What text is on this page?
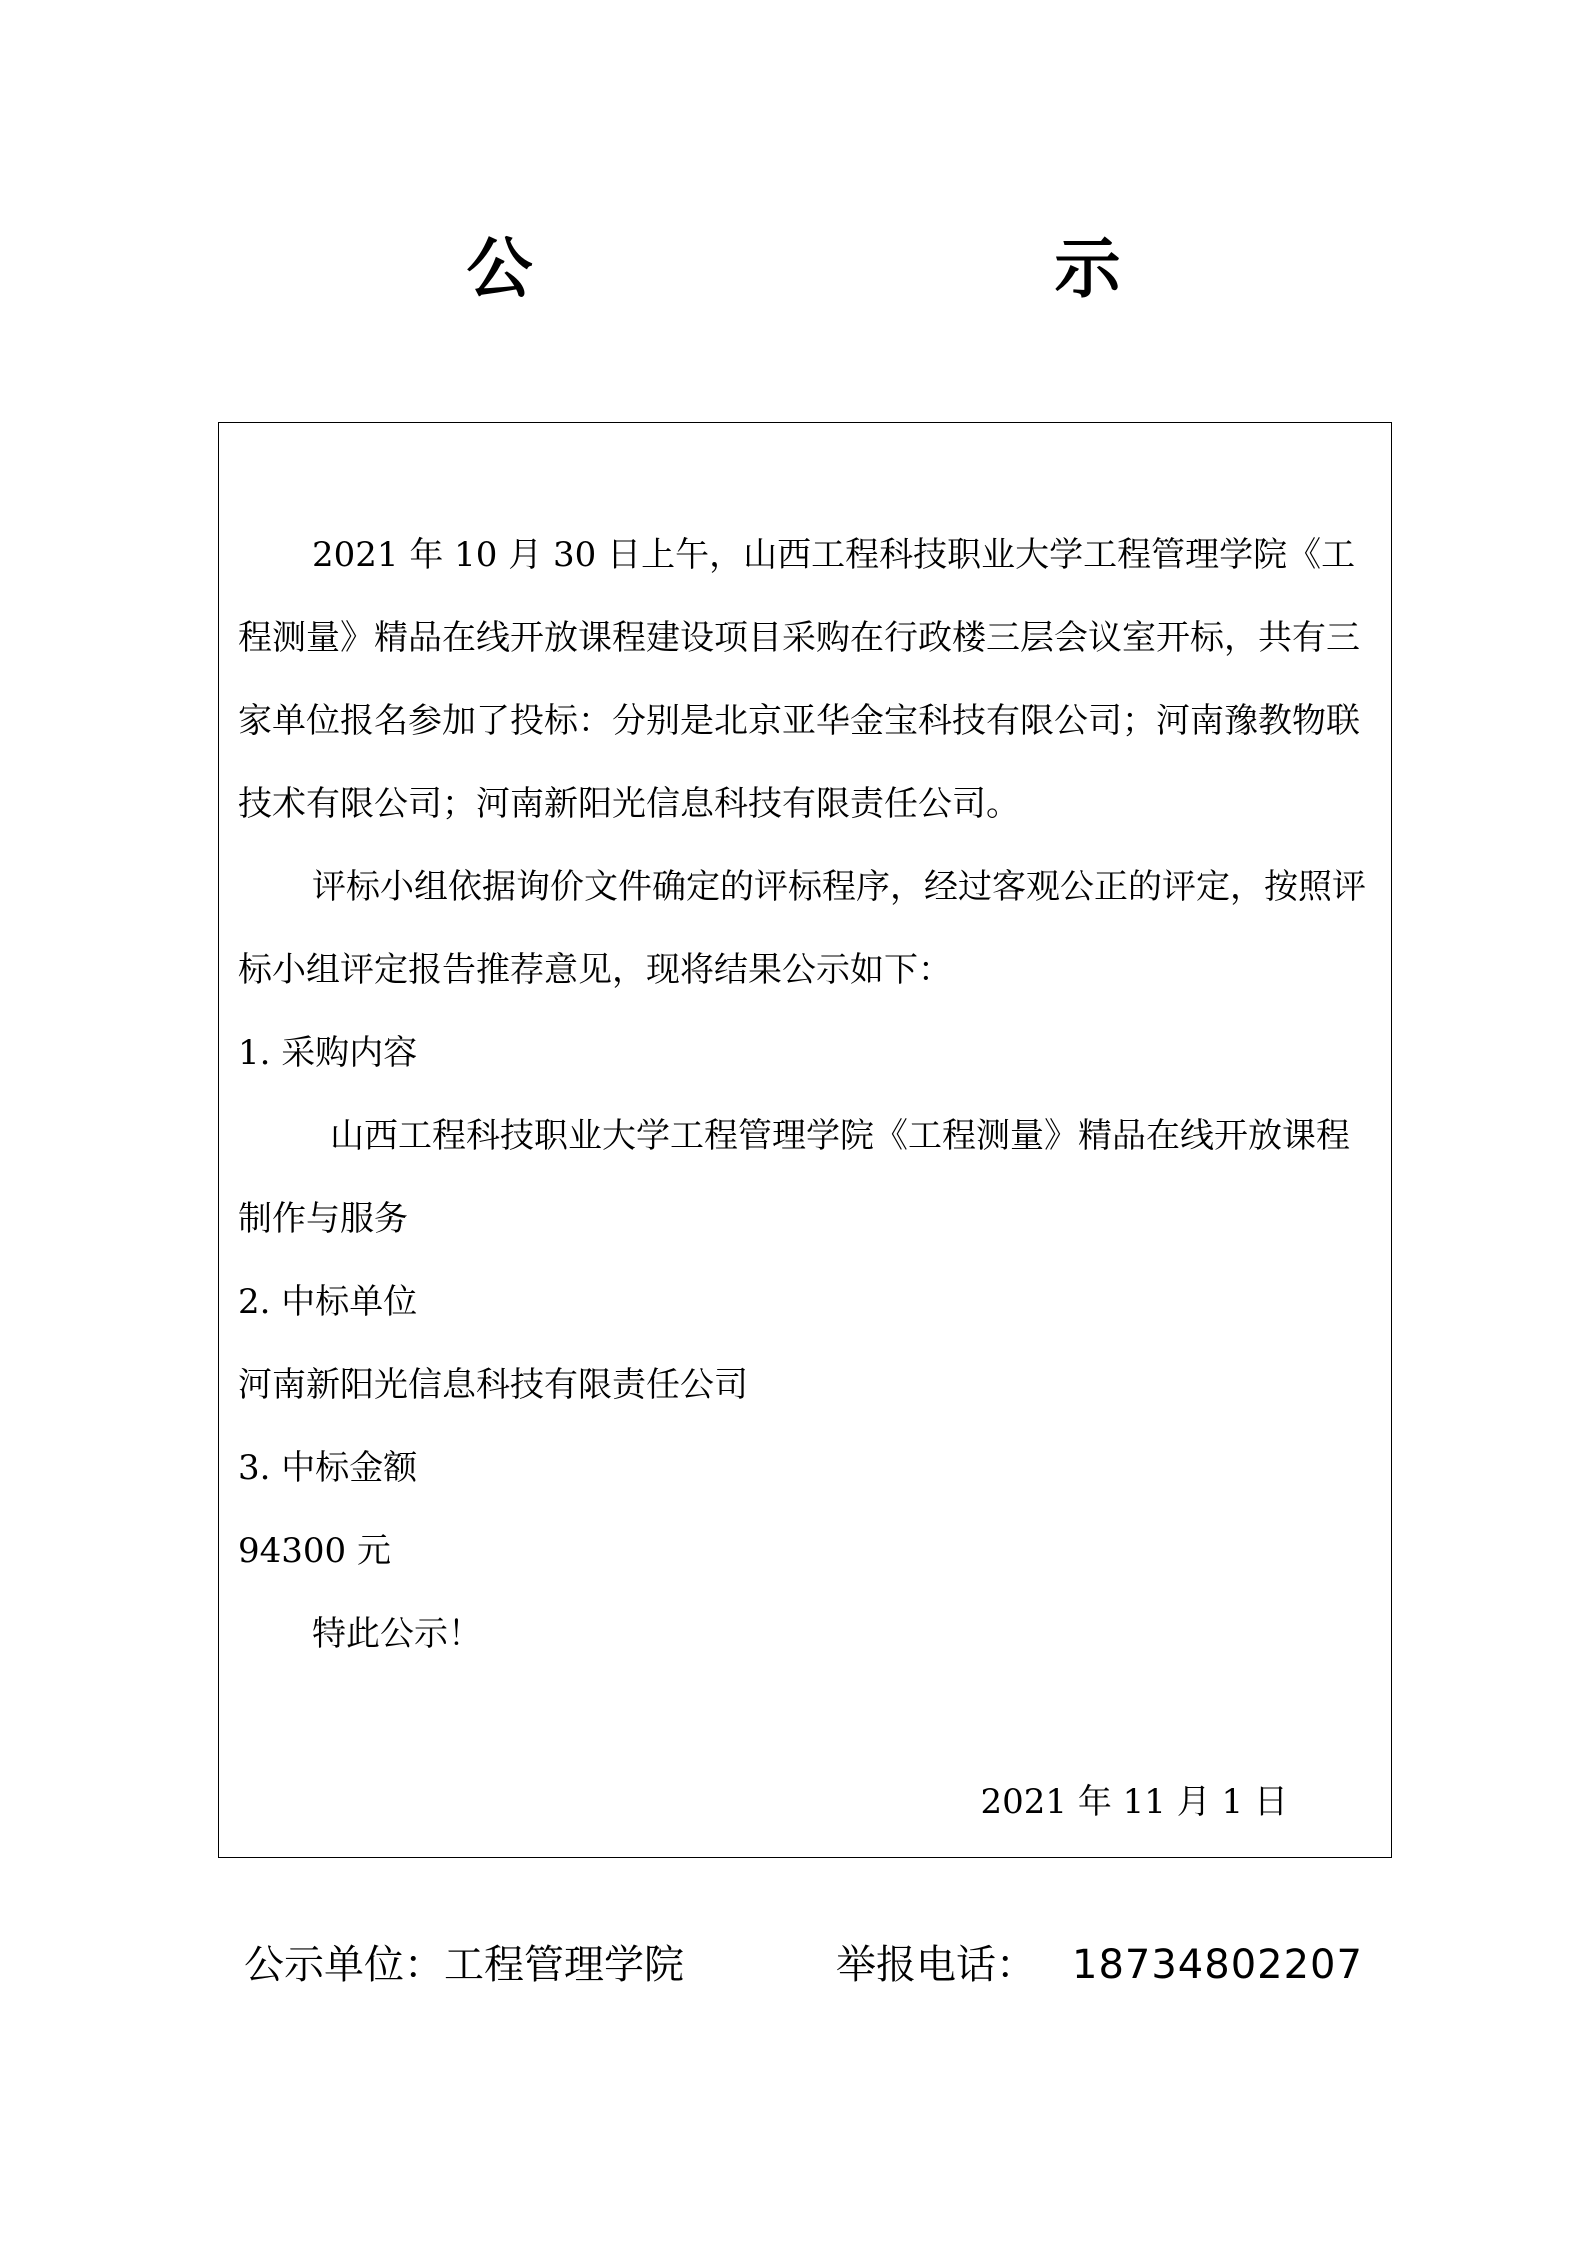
公　　示

2021 年 10 月 30 日上午，山西工程科技职业大学工程管理学院《工程测量》精品在线开放课程建设项目采购在行政楼三层会议室开标，共有三家单位报名参加了投标：分别是北京亚华金宝科技有限公司；河南豫教物联技术有限公司；河南新阳光信息科技有限责任公司。

评标小组依据询价文件确定的评标程序，经过客观公正的评定，按照评标小组评定报告推荐意见，现将结果公示如下：

1. 采购内容

山西工程科技职业大学工程管理学院《工程测量》精品在线开放课程制作与服务

2. 中标单位

河南新阳光信息科技有限责任公司

3. 中标金额

94300 元

特此公示！

2021 年 11 月 1 日
公示单位：工程管理学院	举报电话： 18734802207
